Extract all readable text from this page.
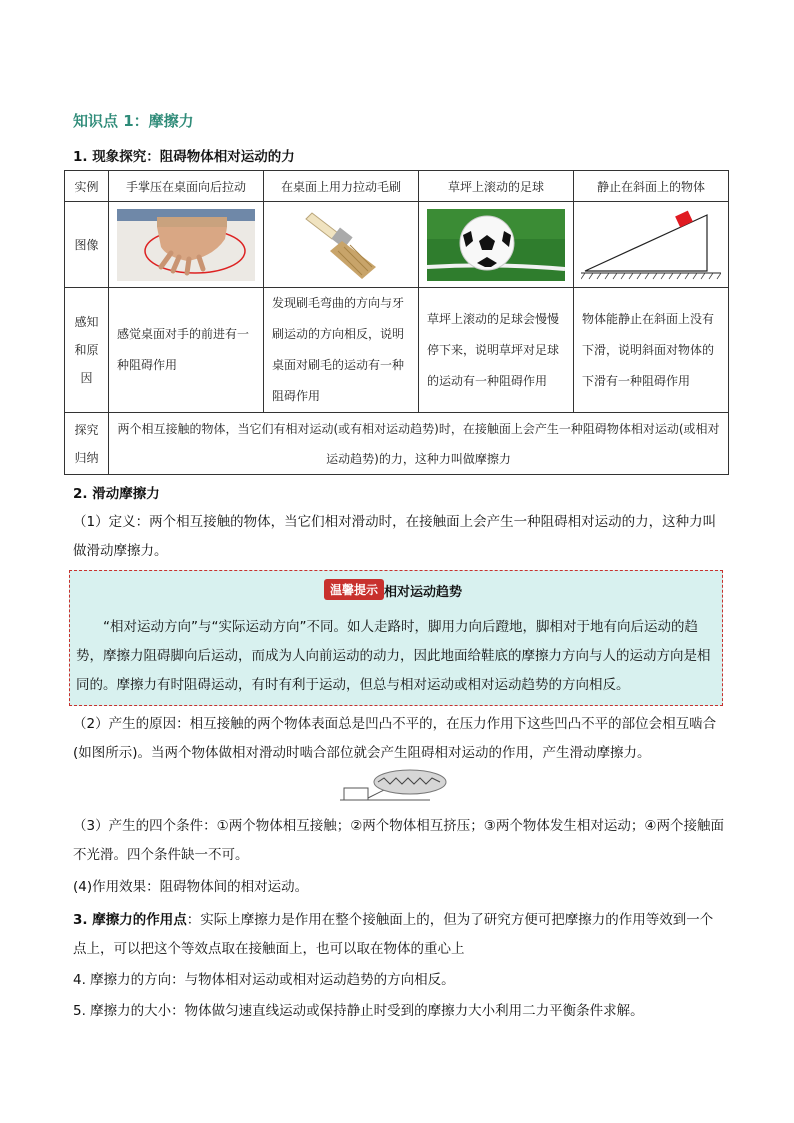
知识点 1：摩擦力
1. 现象探究：阻碍物体相对运动的力
实例	手掌压在桌面向后拉动	在桌面上用力拉动毛刷	草坪上滚动的足球	静止在斜面上的物体
图像	

感知和原因	感觉桌面对手的前进有一种阻碍作用	发现刷毛弯曲的方向与牙刷运动的方向相反，说明桌面对刷毛的运动有一种阻碍作用	草坪上滚动的足球会慢慢停下来，说明草坪对足球的运动有一种阻碍作用	物体能静止在斜面上没有下滑，说明斜面对物体的下滑有一种阻碍作用
探究归纳	两个相互接触的物体，当它们有相对运动(或有相对运动趋势)时，在接触面上会产生一种阻碍物体相对运动(或相对运动趋势)的力，这种力叫做摩擦力			
2. 滑动摩擦力
（1）定义：两个相互接触的物体，当它们相对滑动时，在接触面上会产生一种阻碍相对运动的力，这种力叫做滑动摩擦力。
温馨提示 相对运动趋势
“相对运动方向”与“实际运动方向”不同。如人走路时，脚用力向后蹬地，脚相对于地有向后运动的趋势，摩擦力阻碍脚向后运动，而成为人向前运动的动力，因此地面给鞋底的摩擦力方向与人的运动方向是相同的。摩擦力有时阻碍运动，有时有利于运动，但总与相对运动或相对运动趋势的方向相反。
（2）产生的原因：相互接触的两个物体表面总是凹凸不平的，在压力作用下这些凹凸不平的部位会相互啮合(如图所示)。当两个物体做相对滑动时啮合部位就会产生阻碍相对运动的作用，产生滑动摩擦力。
（3）产生的四个条件：①两个物体相互接触；②两个物体相互挤压；③两个物体发生相对运动；④两个接触面不光滑。四个条件缺一不可。
(4)作用效果：阻碍物体间的相对运动。
3. 摩擦力的作用点：实际上摩擦力是作用在整个接触面上的，但为了研究方便可把摩擦力的作用等效到一个点上，可以把这个等效点取在接触面上，也可以取在物体的重心上
4. 摩擦力的方向：与物体相对运动或相对运动趋势的方向相反。
5. 摩擦力的大小：物体做匀速直线运动或保持静止时受到的摩擦力大小利用二力平衡条件求解。
